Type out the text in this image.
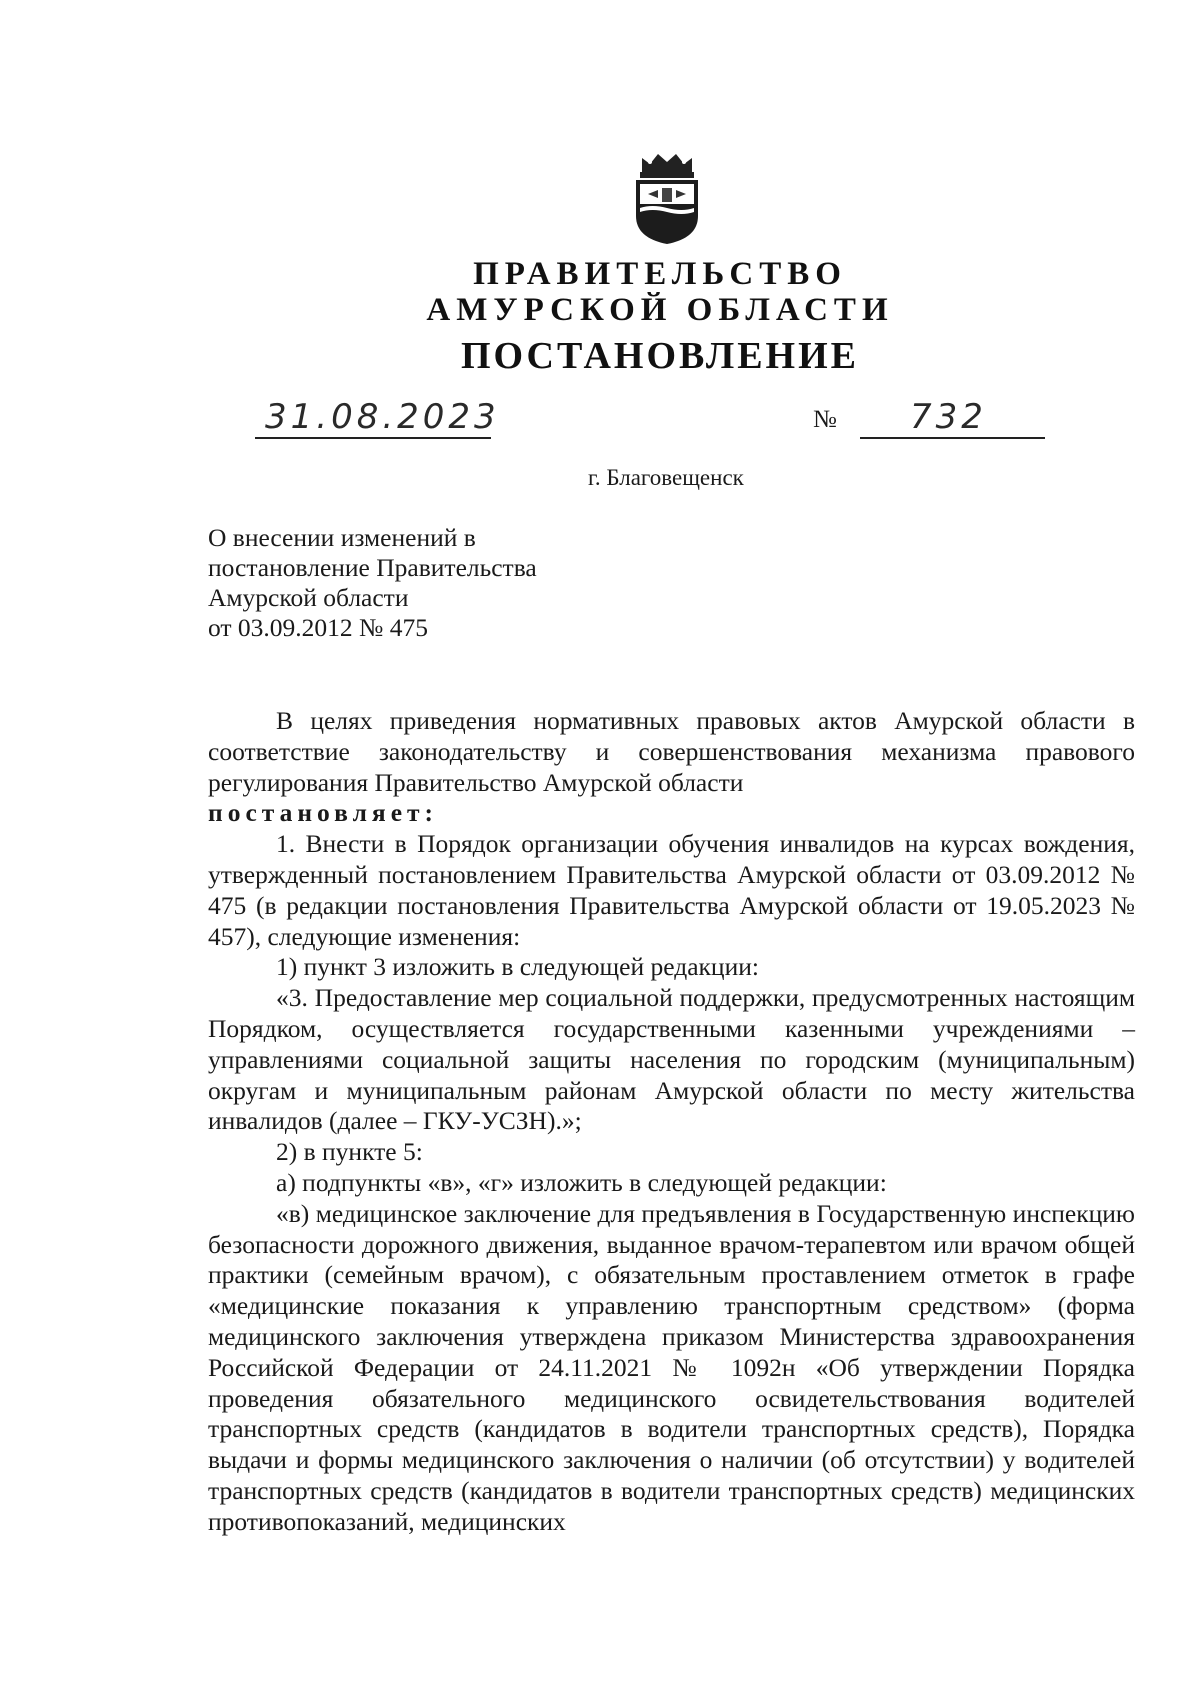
ПРАВИТЕЛЬСТВО
АМУРСКОЙ ОБЛАСТИ
ПОСТАНОВЛЕНИЕ
31.08.2023	№ 732
г. Благовещенск
О внесении изменений в
постановление Правительства
Амурской области
от 03.09.2012 № 475

В целях приведения нормативных правовых актов Амурской области в соответствие законодательству и совершенствования механизма правового регулирования Правительство Амурской области

постановляет:

1. Внести в Порядок организации обучения инвалидов на курсах вождения, утвержденный постановлением Правительства Амурской области от 03.09.2012 № 475 (в редакции постановления Правительства Амурской области от 19.05.2023 № 457), следующие изменения:

1) пункт 3 изложить в следующей редакции:

«3. Предоставление мер социальной поддержки, предусмотренных настоящим Порядком, осуществляется государственными казенными учреждениями – управлениями социальной защиты населения по городским (муниципальным) округам и муниципальным районам Амурской области по месту жительства инвалидов (далее – ГКУ-УСЗН).»;

2) в пункте 5:

а) подпункты «в», «г» изложить в следующей редакции:

«в) медицинское заключение для предъявления в Государственную инспекцию безопасности дорожного движения, выданное врачом-терапевтом или врачом общей практики (семейным врачом), с обязательным проставлением отметок в графе «медицинские показания к управлению транспортным средством» (форма медицинского заключения утверждена приказом Министерства здравоохранения Российской Федерации от 24.11.2021 № 1092н «Об утверждении Порядка проведения обязательного медицинского освидетельствования водителей транспортных средств (кандидатов в водители транспортных средств), Порядка выдачи и формы медицинского заключения о наличии (об отсутствии) у водителей транспортных средств (кандидатов в водители транспортных средств) медицинских противопоказаний, медицинских
